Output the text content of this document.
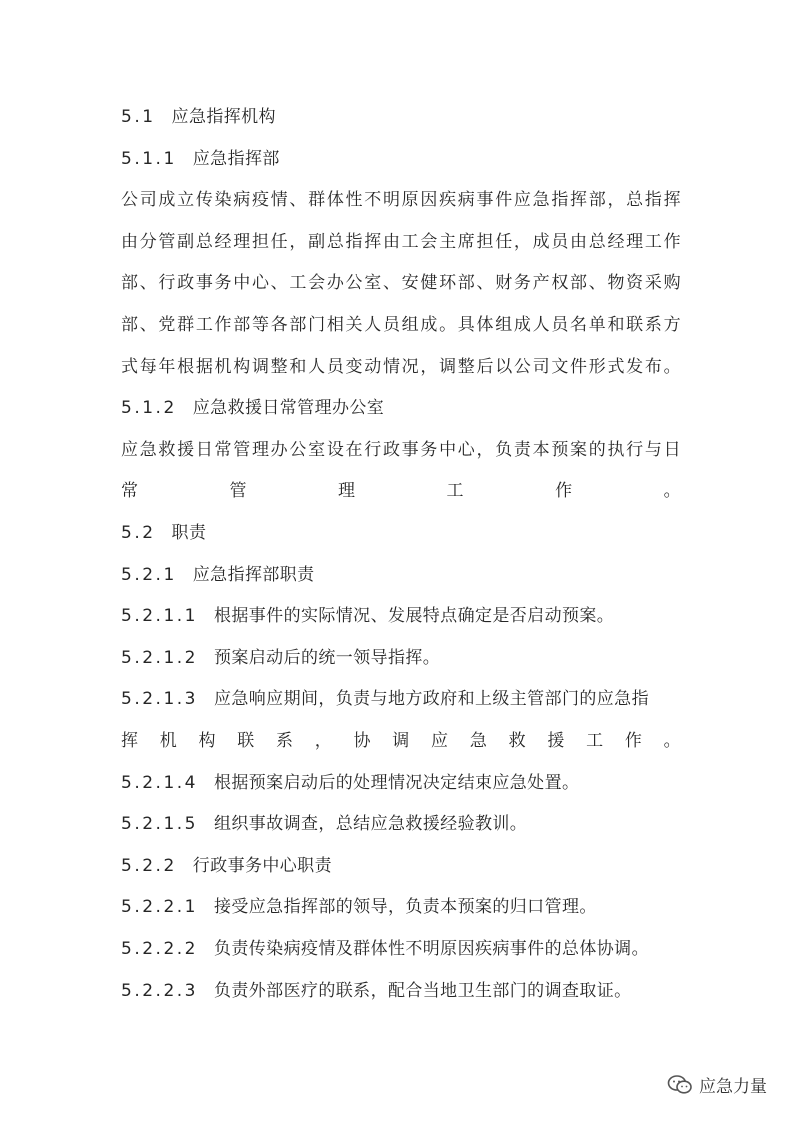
5.1 应急指挥机构
5.1.1 应急指挥部
公司成立传染病疫情、群体性不明原因疾病事件应急指挥部，总指挥
由分管副总经理担任，副总指挥由工会主席担任，成员由总经理工作
部、行政事务中心、工会办公室、安健环部、财务产权部、物资采购
部、党群工作部等各部门相关人员组成。具体组成人员名单和联系方
式每年根据机构调整和人员变动情况，调整后以公司文件形式发布。
5.1.2 应急救援日常管理办公室
应急救援日常管理办公室设在行政事务中心，负责本预案的执行与日
常管理工作。
5.2 职责
5.2.1 应急指挥部职责
5.2.1.1 根据事件的实际情况、发展特点确定是否启动预案。
5.2.1.2 预案启动后的统一领导指挥。
5.2.1.3 应急响应期间，负责与地方政府和上级主管部门的应急指
挥机构联系，协调应急救援工作。
5.2.1.4 根据预案启动后的处理情况决定结束应急处置。
5.2.1.5 组织事故调查，总结应急救援经验教训。
5.2.2 行政事务中心职责
5.2.2.1 接受应急指挥部的领导，负责本预案的归口管理。
5.2.2.2 负责传染病疫情及群体性不明原因疾病事件的总体协调。
5.2.2.3 负责外部医疗的联系，配合当地卫生部门的调查取证。
应急力量
